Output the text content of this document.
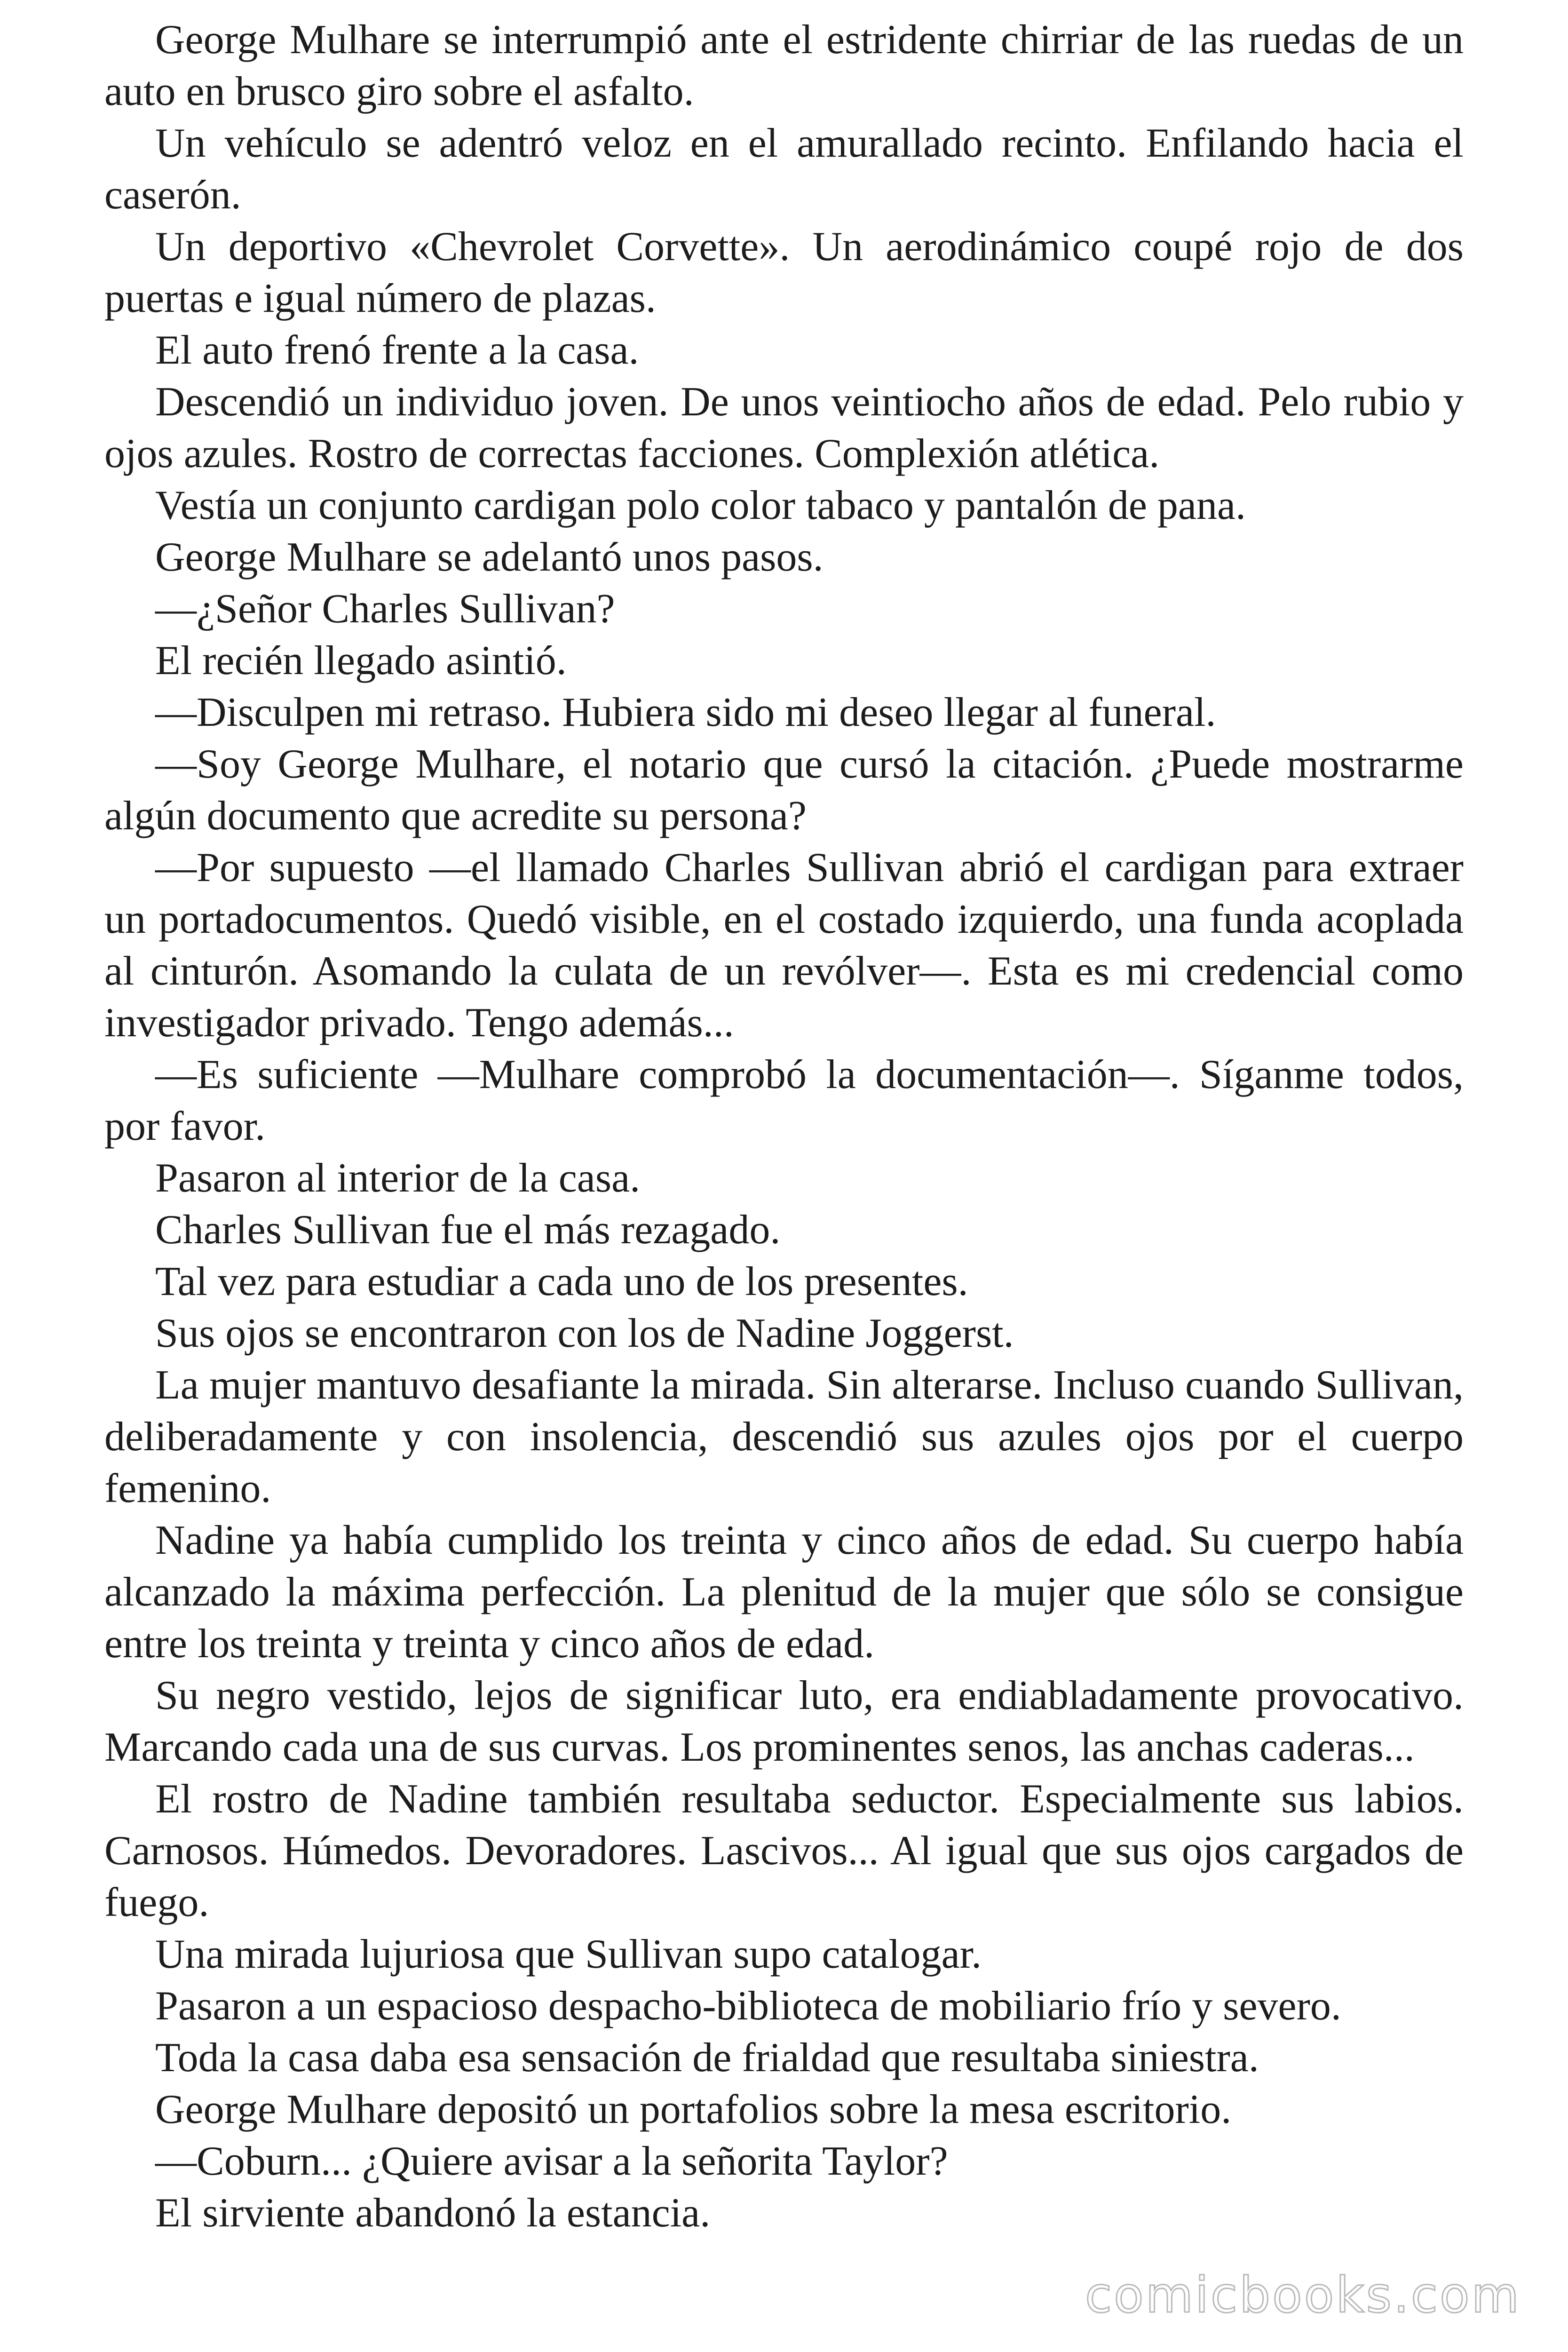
George Mulhare se interrumpió ante el estridente chirriar de las ruedas de un auto en brusco giro sobre el asfalto.

Un vehículo se adentró veloz en el amurallado recinto. Enfilando hacia el caserón.

Un deportivo «Chevrolet Corvette». Un aerodinámico coupé rojo de dos puertas e igual número de plazas.

El auto frenó frente a la casa.

Descendió un individuo joven. De unos veintiocho años de edad. Pelo rubio y ojos azules. Rostro de correctas facciones. Complexión atlética.

Vestía un conjunto cardigan polo color tabaco y pantalón de pana.

George Mulhare se adelantó unos pasos.

—¿Señor Charles Sullivan?

El recién llegado asintió.

—Disculpen mi retraso. Hubiera sido mi deseo llegar al funeral.

—Soy George Mulhare, el notario que cursó la citación. ¿Puede mostrarme algún documento que acredite su persona?

—Por supuesto —el llamado Charles Sullivan abrió el cardigan para extraer un portadocumentos. Quedó visible, en el costado izquierdo, una funda acoplada al cinturón. Asomando la culata de un revólver—. Esta es mi credencial como investigador privado. Tengo además...

—Es suficiente —Mulhare comprobó la documentación—. Síganme todos, por favor.

Pasaron al interior de la casa.

Charles Sullivan fue el más rezagado.

Tal vez para estudiar a cada uno de los presentes.

Sus ojos se encontraron con los de Nadine Joggerst.

La mujer mantuvo desafiante la mirada. Sin alterarse. Incluso cuando Sullivan, deliberadamente y con insolencia, descendió sus azules ojos por el cuerpo femenino.

Nadine ya había cumplido los treinta y cinco años de edad. Su cuerpo había alcanzado la máxima perfección. La plenitud de la mujer que sólo se consigue entre los treinta y treinta y cinco años de edad.

Su negro vestido, lejos de significar luto, era endiabladamente provocativo. Marcando cada una de sus curvas. Los prominentes senos, las anchas caderas...

El rostro de Nadine también resultaba seductor. Especialmente sus labios. Carnosos. Húmedos. Devoradores. Lascivos... Al igual que sus ojos cargados de fuego.

Una mirada lujuriosa que Sullivan supo catalogar.

Pasaron a un espacioso despacho-biblioteca de mobiliario frío y severo.

Toda la casa daba esa sensación de frialdad que resultaba siniestra.

George Mulhare depositó un portafolios sobre la mesa escritorio.

—Coburn... ¿Quiere avisar a la señorita Taylor?

El sirviente abandonó la estancia.

comicbooks.com
